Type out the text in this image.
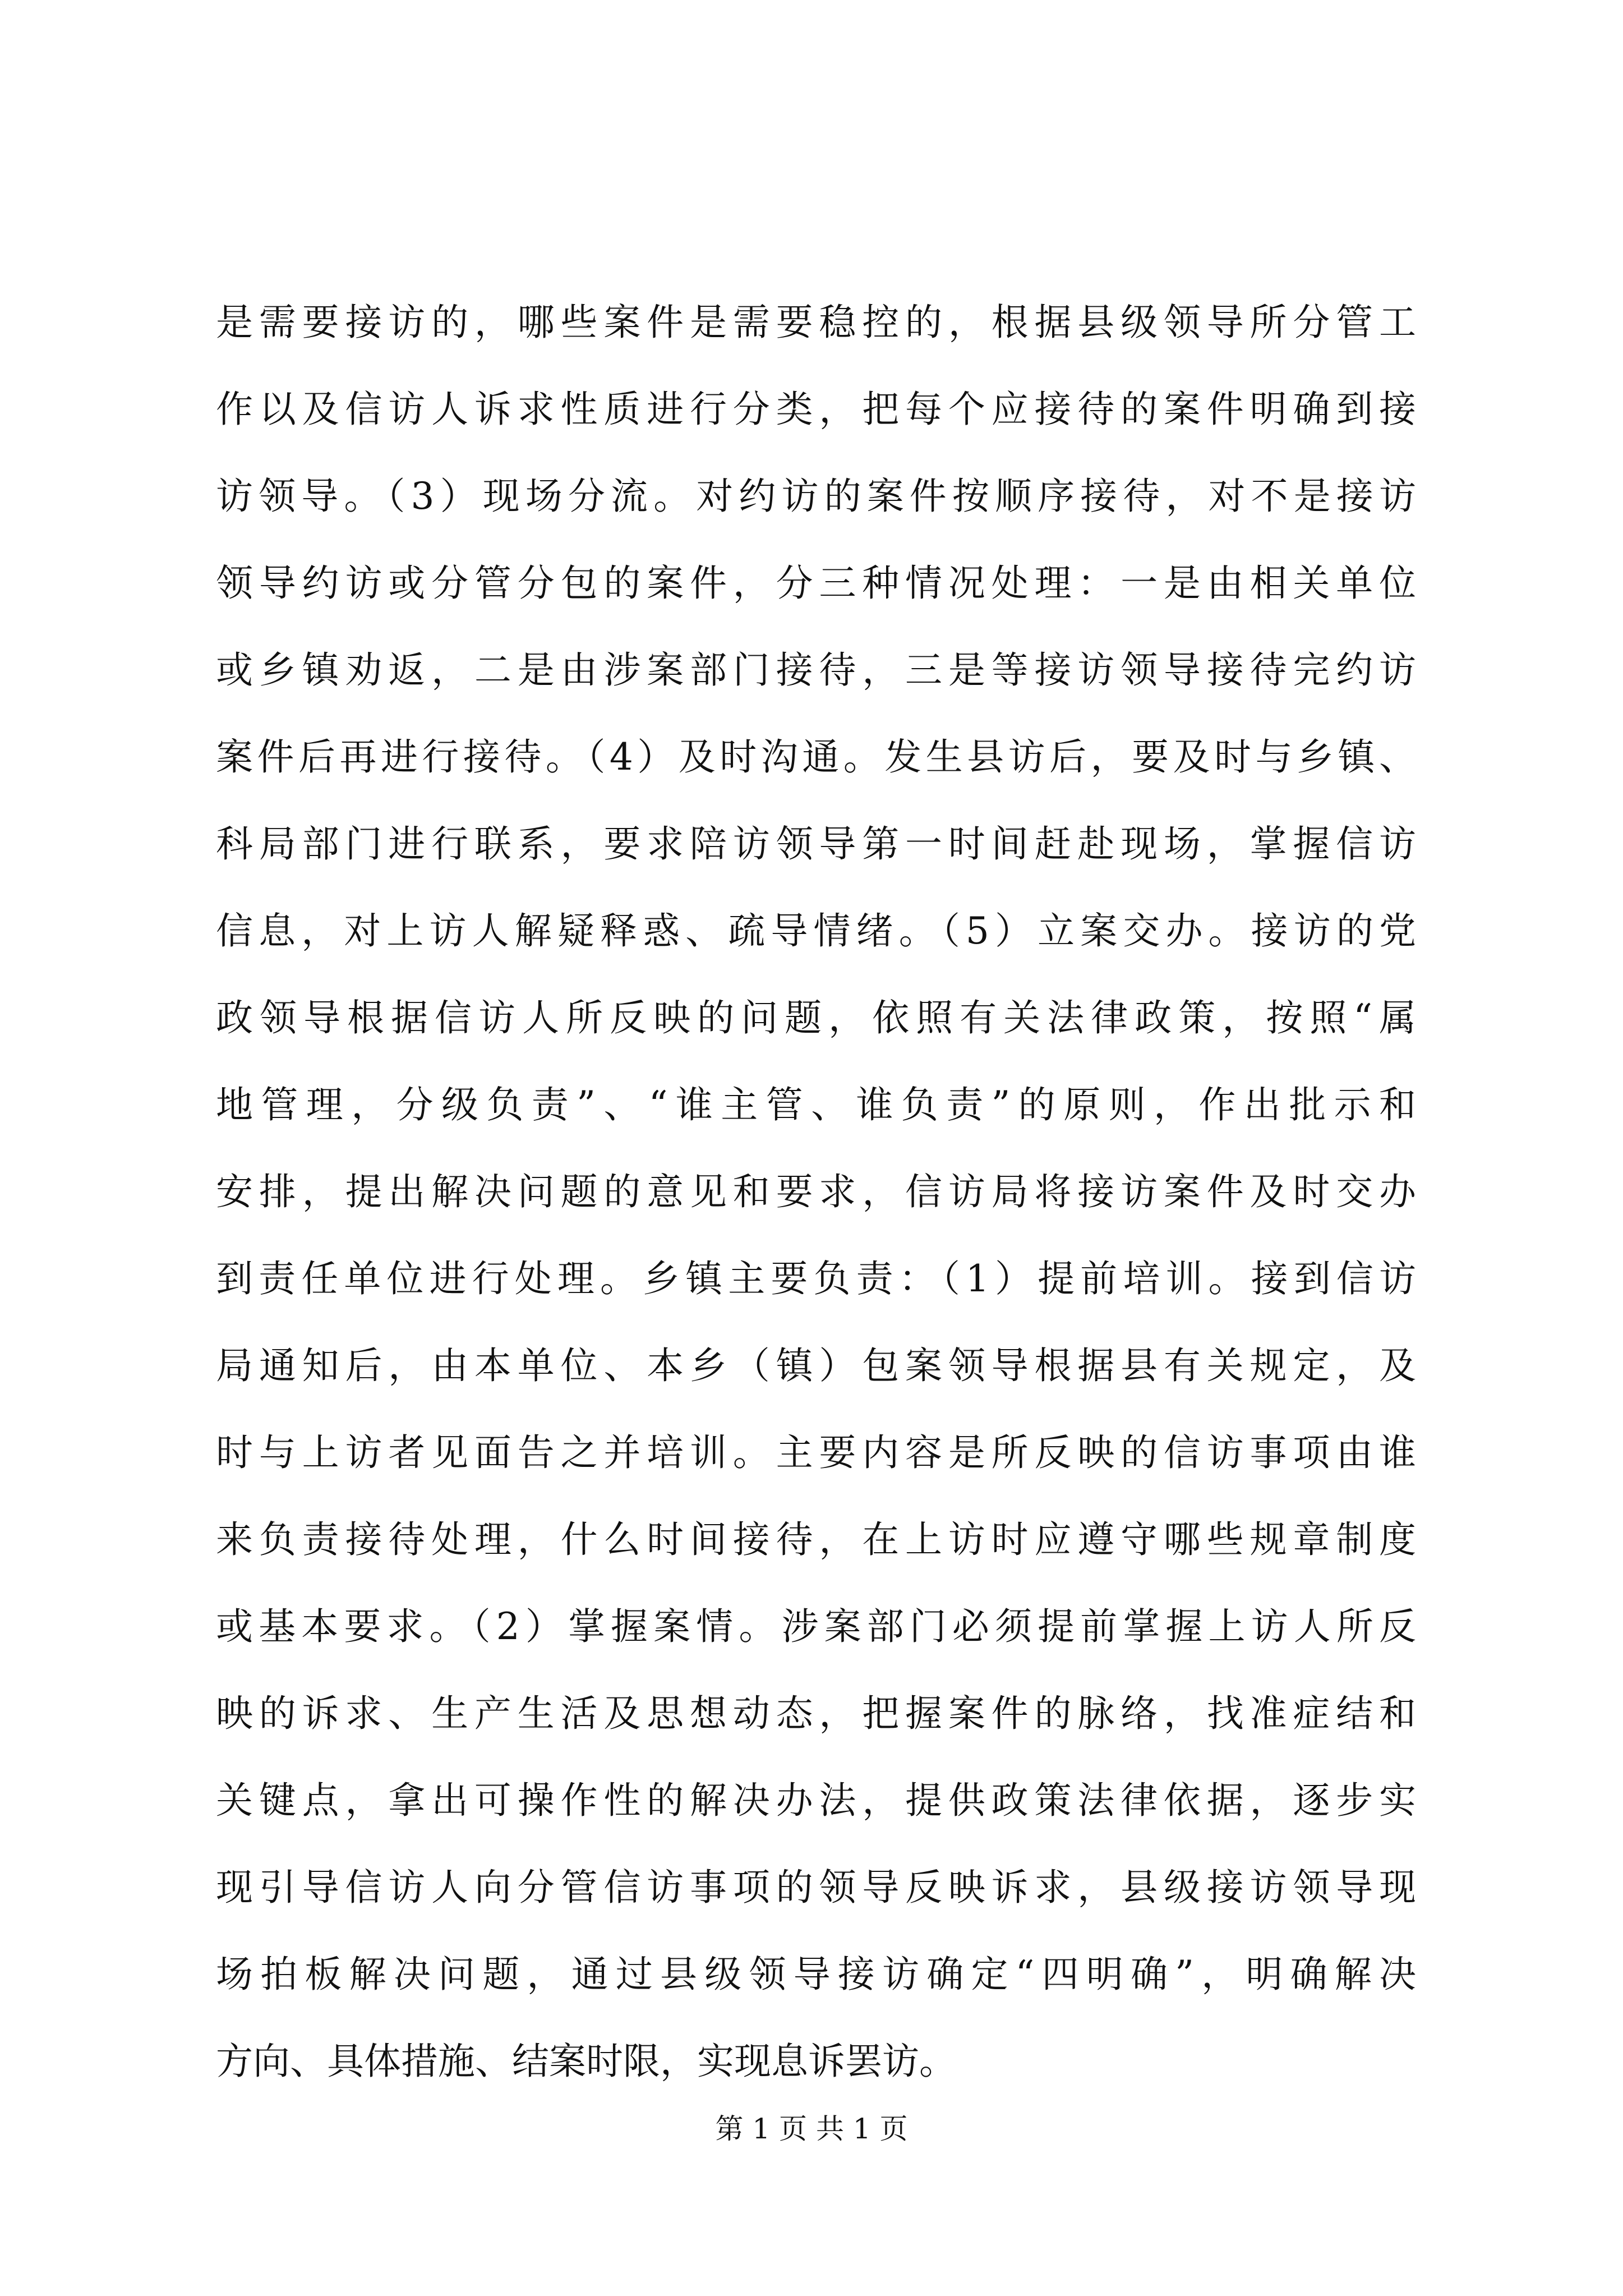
是需要接访的，哪些案件是需要稳控的，根据县级领导所分管工
作以及信访人诉求性质进行分类，把每个应接待的案件明确到接
访领导。（3）现场分流。对约访的案件按顺序接待，对不是接访
领导约访或分管分包的案件，分三种情况处理：一是由相关单位
或乡镇劝返，二是由涉案部门接待，三是等接访领导接待完约访
案件后再进行接待。（4）及时沟通。发生县访后，要及时与乡镇、
科局部门进行联系，要求陪访领导第一时间赶赴现场，掌握信访
信息，对上访人解疑释惑、疏导情绪。（5）立案交办。接访的党
政领导根据信访人所反映的问题，依照有关法律政策，按照“属
地管理，分级负责”、“谁主管、谁负责”的原则，作出批示和
安排，提出解决问题的意见和要求，信访局将接访案件及时交办
到责任单位进行处理。乡镇主要负责：（1）提前培训。接到信访
局通知后，由本单位、本乡（镇）包案领导根据县有关规定，及
时与上访者见面告之并培训。主要内容是所反映的信访事项由谁
来负责接待处理，什么时间接待，在上访时应遵守哪些规章制度
或基本要求。（2）掌握案情。涉案部门必须提前掌握上访人所反
映的诉求、生产生活及思想动态，把握案件的脉络，找准症结和
关键点，拿出可操作性的解决办法，提供政策法律依据，逐步实
现引导信访人向分管信访事项的领导反映诉求，县级接访领导现
场拍板解决问题，通过县级领导接访确定“四明确”，明确解决
方向、具体措施、结案时限，实现息诉罢访。
第 1 页 共 1 页
